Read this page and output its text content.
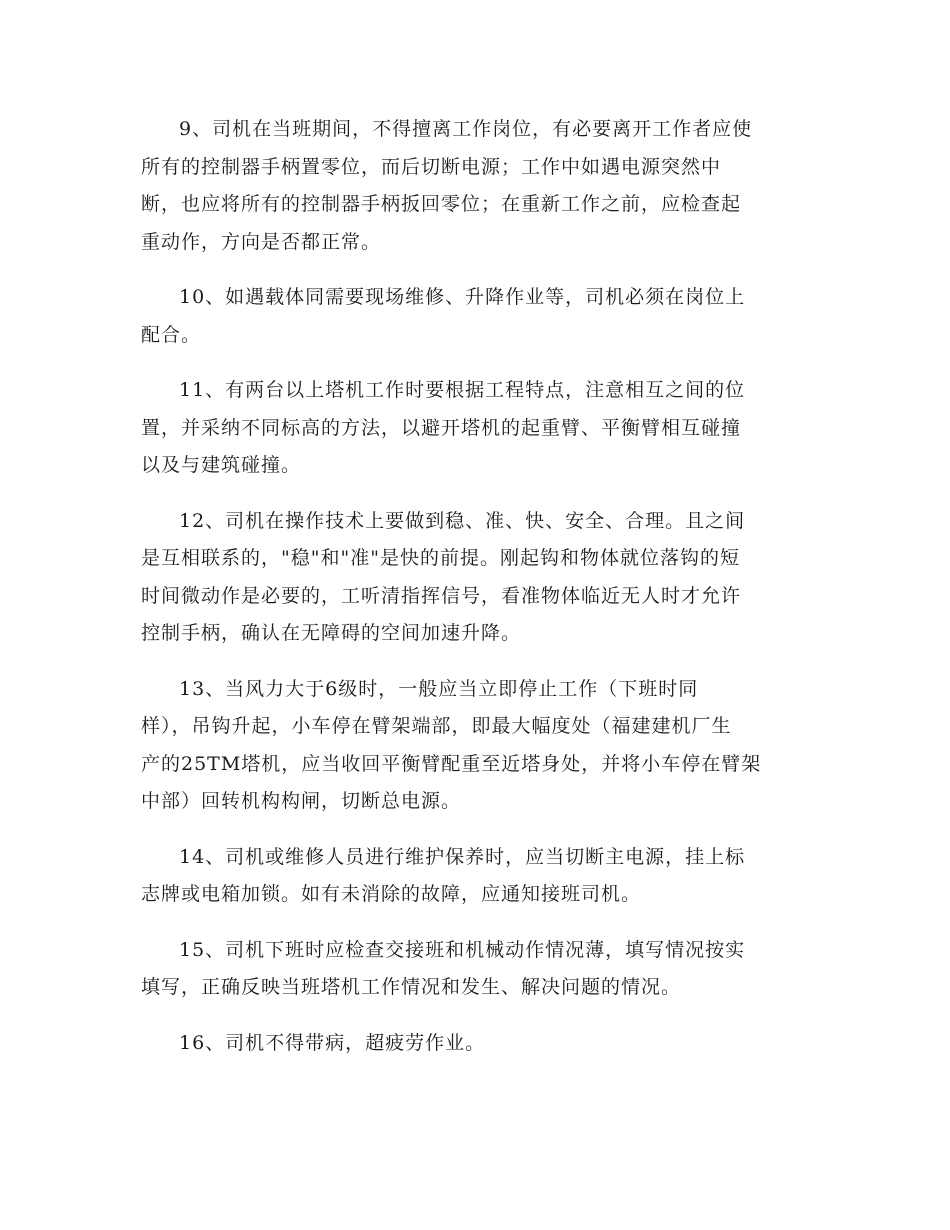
9、司机在当班期间，不得擅离工作岗位，有必要离开工作者应使
所有的控制器手柄置零位，而后切断电源；工作中如遇电源突然中
断，也应将所有的控制器手柄扳回零位；在重新工作之前，应检查起
重动作，方向是否都正常。

10、如遇载体同需要现场维修、升降作业等，司机必须在岗位上
配合。

11、有两台以上塔机工作时要根据工程特点，注意相互之间的位
置，并采纳不同标高的方法，以避开塔机的起重臂、平衡臂相互碰撞
以及与建筑碰撞。

12、司机在操作技术上要做到稳、准、快、安全、合理。且之间
是互相联系的，"稳"和"准"是快的前提。刚起钩和物体就位落钩的短
时间微动作是必要的，工听清指挥信号，看准物体临近无人时才允许
控制手柄，确认在无障碍的空间加速升降。

13、当风力大于6级时，一般应当立即停止工作（下班时同
样），吊钩升起，小车停在臂架端部，即最大幅度处（福建建机厂生
产的25TM塔机，应当收回平衡臂配重至近塔身处，并将小车停在臂架
中部）回转机构构闸，切断总电源。

14、司机或维修人员进行维护保养时，应当切断主电源，挂上标
志牌或电箱加锁。如有未消除的故障，应通知接班司机。

15、司机下班时应检查交接班和机械动作情况薄，填写情况按实
填写，正确反映当班塔机工作情况和发生、解决问题的情况。

16、司机不得带病，超疲劳作业。
